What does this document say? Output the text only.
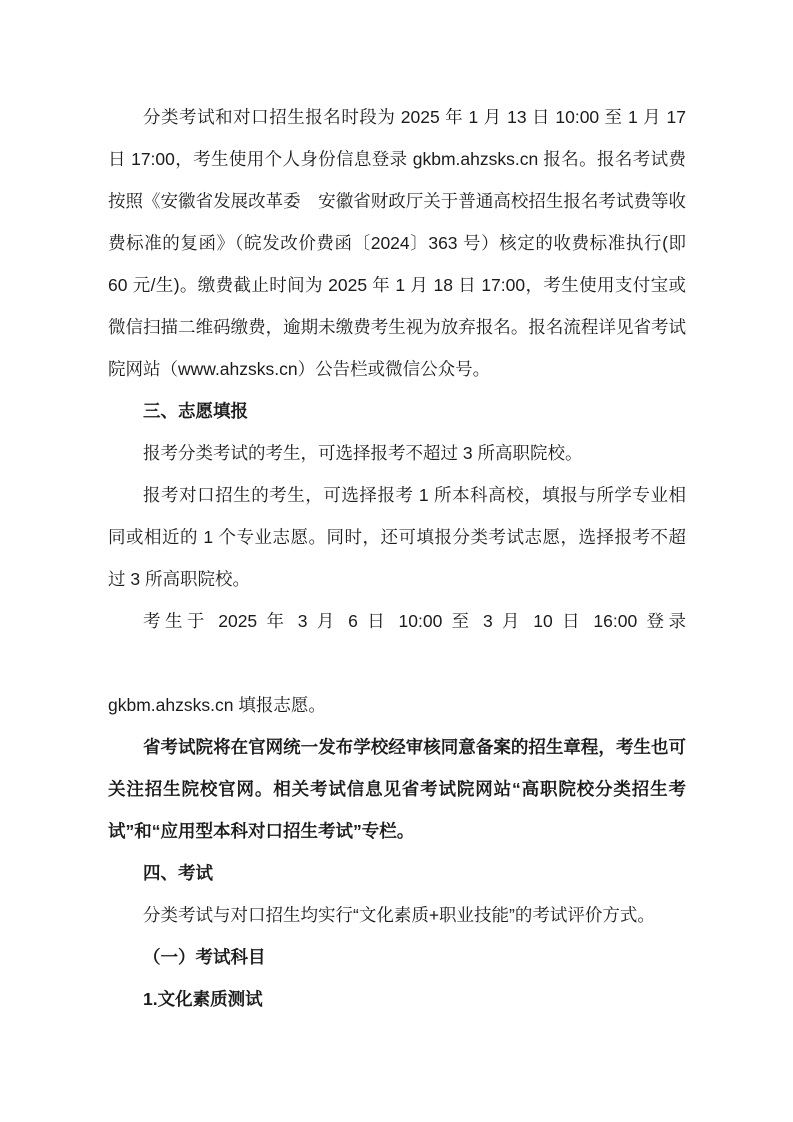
分类考试和对口招生报名时段为 2025 年 1 月 13 日 10:00 至 1 月 17 日 17:00，考生使用个人身份信息登录 gkbm.ahzsks.cn 报名。报名考试费按照《安徽省发展改革委　安徽省财政厅关于普通高校招生报名考试费等收费标准的复函》（皖发改价费函〔2024〕363 号）核定的收费标准执行(即 60 元/生)。缴费截止时间为 2025 年 1 月 18 日 17:00，考生使用支付宝或微信扫描二维码缴费，逾期未缴费考生视为放弃报名。报名流程详见省考试院网站（www.ahzsks.cn）公告栏或微信公众号。

三、志愿填报

报考分类考试的考生，可选择报考不超过 3 所高职院校。

报考对口招生的考生，可选择报考 1 所本科高校，填报与所学专业相同或相近的 1 个专业志愿。同时，还可填报分类考试志愿，选择报考不超过 3 所高职院校。

考生于 2025 年 3 月 6 日 10:00 至 3 月 10 日 16:00 登录
gkbm.ahzsks.cn 填报志愿。

省考试院将在官网统一发布学校经审核同意备案的招生章程，考生也可关注招生院校官网。相关考试信息见省考试院网站“高职院校分类招生考试”和“应用型本科对口招生考试”专栏。

四、考试

分类考试与对口招生均实行“文化素质+职业技能”的考试评价方式。

（一）考试科目

1.文化素质测试
